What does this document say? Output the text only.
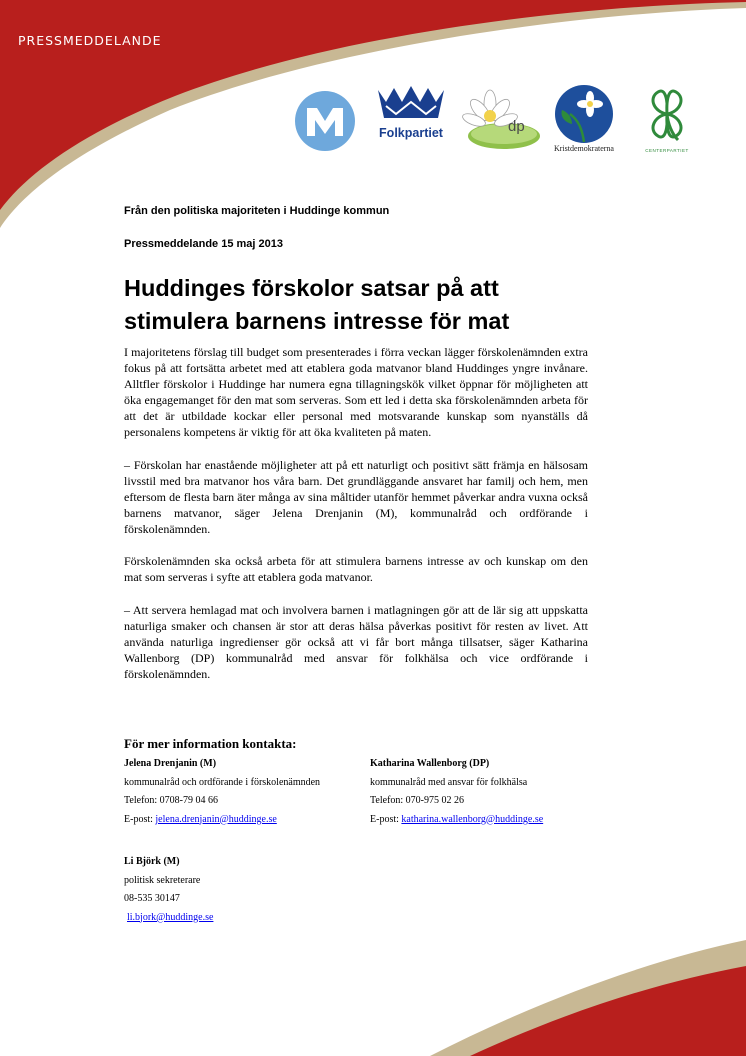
PRESSMEDDELANDE
Folkpartiet	dp
Kristdemokraterna	CENTERPARTIET
Från den politiska majoriteten i Huddinge kommun
Pressmeddelande 15 maj 2013
Huddinges förskolor satsar på att
stimulera barnens intresse för mat

I majoritetens förslag till budget som presenterades i förra veckan lägger förskolenämnden extra fokus på att fortsätta arbetet med att etablera goda matvanor bland Huddinges yngre invånare. Alltfler förskolor i Huddinge har numera egna tillagningskök vilket öppnar för möjligheten att öka engagemanget för den mat som serveras. Som ett led i detta ska förskolenämnden arbeta för att det är utbildade kockar eller personal med motsvarande kunskap som nyanställs då personalens kompetens är viktig för att öka kvaliteten på maten.

– Förskolan har enastående möjligheter att på ett naturligt och positivt sätt främja en hälsosam livsstil med bra matvanor hos våra barn. Det grundläggande ansvaret har familj och hem, men eftersom de flesta barn äter många av sina måltider utanför hemmet påverkar andra vuxna också barnens matvanor, säger Jelena Drenjanin (M), kommunalråd och ordförande i förskolenämnden.

Förskolenämnden ska också arbeta för att stimulera barnens intresse av och kunskap om den mat som serveras i syfte att etablera goda matvanor.

– Att servera hemlagad mat och involvera barnen i matlagningen gör att de lär sig att uppskatta naturliga smaker och chansen är stor att deras hälsa påverkas positivt för resten av livet. Att använda naturliga ingredienser gör också att vi får bort många tillsatser, säger Katharina Wallenborg (DP) kommunalråd med ansvar för folkhälsa och vice ordförande i förskolenämnden.

För mer information kontakta:
Jelena Drenjanin (M)
kommunalråd och ordförande i förskolenämnden
Telefon: 0708-79 04 66
E-post: jelena.drenjanin@huddinge.se
Katharina Wallenborg (DP)
kommunalråd med ansvar för folkhälsa
Telefon: 070-975 02 26
E-post: katharina.wallenborg@huddinge.se
Li Björk (M)
politisk sekreterare
08-535 30147
li.bjork@huddinge.se
